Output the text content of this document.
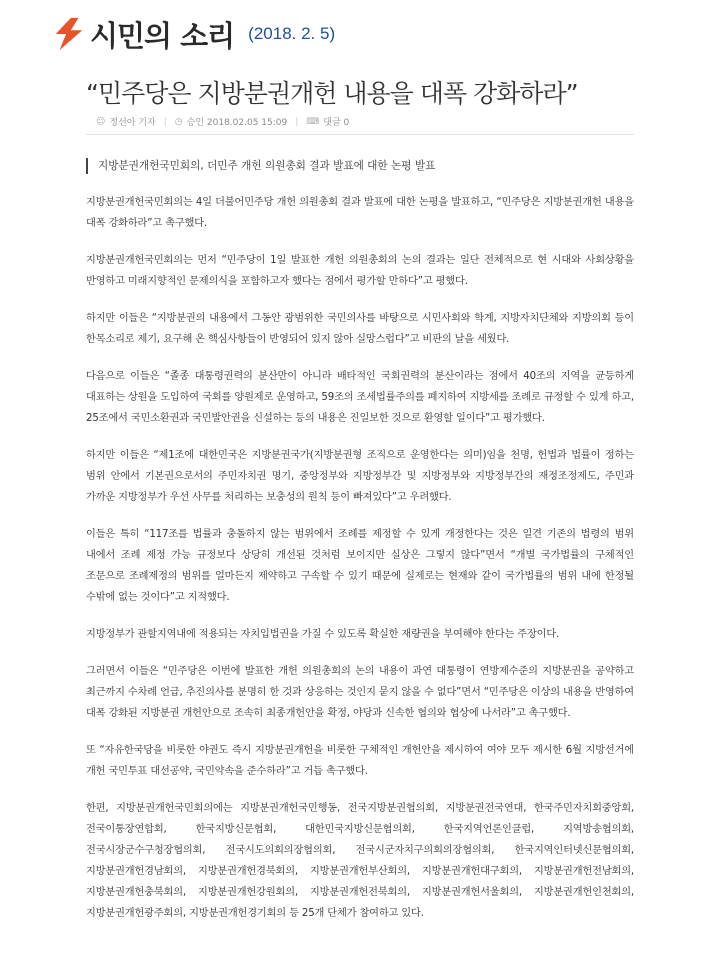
시민의 소리 (2018. 2. 5)
“민주당은 지방분권개헌 내용을 대폭 강화하라”
☺ 정선아 기자 | ◷ 승인 2018.02.05 15:09 | ⌨ 댓글 0
지방분권개헌국민회의, 더민주 개헌 의원총회 결과 발표에 대한 논평 발표

지방분권개헌국민회의는 4일 더불어민주당 개헌 의원총회 결과 발표에 대한 논평을 발표하고, “민주당은 지방분권개헌 내용을 대폭 강화하라”고 촉구했다.

지방분권개헌국민회의는 먼저 “민주당이 1일 발표한 개헌 의원총회의 논의 결과는 일단 전체적으로 현 시대와 사회상황을 반영하고 미래지향적인 문제의식을 포함하고자 했다는 점에서 평가할 만하다”고 평했다.

하지만 이들은 “지방분권의 내용에서 그동안 광범위한 국민의사를 바탕으로 시민사회와 학계, 지방자치단체와 지방의회 등이 한목소리로 제기, 요구해 온 핵심사항들이 반영되어 있지 않아 실망스럽다”고 비판의 날을 세웠다.

다음으로 이들은 “졸종 대통령권력의 분산만이 아니라 배타적인 국회권력의 분산이라는 점에서 40조의 지역을 균등하게 대표하는 상원을 도입하여 국회를 양원제로 운영하고, 59조의 조세법률주의를 폐지하여 지방세를 조례로 규정할 수 있게 하고, 25조에서 국민소환권과 국민발안권을 신설하는 등의 내용은 진일보한 것으로 환영할 일이다”고 평가했다.

하지만 이들은 “제1조에 대한민국은 지방분권국가(지방분권형 조직으로 운영한다는 의미)임을 천명, 헌법과 법률이 정하는 범위 안에서 기본권으로서의 주민자치권 명기, 중앙정부와 지방정부간 및 지방정부와 지방정부간의 재정조정제도, 주민과 가까운 지방정부가 우선 사무를 처리하는 보충성의 원칙 등이 빠져있다”고 우려했다.

이들은 특히 “117조를 법률과 충돌하지 않는 범위에서 조례를 제정할 수 있게 개정한다는 것은 일견 기존의 법령의 범위 내에서 조례 제정 가능 규정보다 상당히 개선된 것처럼 보이지만 실상은 그렇지 않다”면서 “개별 국가법률의 구체적인 조문으로 조례제정의 범위를 얼마든지 제약하고 구속할 수 있기 때문에 실제로는 현재와 같이 국가법률의 범위 내에 한정될 수밖에 없는 것이다”고 지적했다.

지방정부가 관할지역내에 적용되는 자치입법권을 가질 수 있도록 확실한 재량권을 부여해야 한다는 주장이다.

그러면서 이들은 “민주당은 이번에 발표한 개헌 의원총회의 논의 내용이 과연 대통령이 연방제수준의 지방분권을 공약하고 최근까지 수차례 언급, 추진의사를 분명히 한 것과 상응하는 것인지 묻지 않을 수 없다”면서 “민주당은 이상의 내용을 반영하여 대폭 강화된 지방분권 개헌안으로 조속히 최종개헌안을 확정, 야당과 신속한 협의와 협상에 나서라”고 촉구했다.

또 “자유한국당을 비롯한 야권도 즉시 지방분권개헌을 비롯한 구체적인 개헌안을 제시하여 여야 모두 제시한 6월 지방선거에 개헌 국민투표 대선공약, 국민약속을 준수하라”고 거듭 촉구했다.

한편, 지방분권개헌국민회의에는 지방분권개헌국민행동, 전국지방분권협의회, 지방분권전국연대, 한국주민자치회중앙회, 전국이통장연합회, 한국지방신문협회, 대한민국지방신문협의회, 한국지역언론인클럽, 지역방송협의회, 전국시장군수구청장협의회, 전국시도의회의장협의회, 전국시군자치구의회의장협의회, 한국지역인터넷신문협의회, 지방분권개헌경남회의, 지방분권개헌경북회의, 지방분권개헌부산회의, 지방분권개헌대구회의, 지방분권개헌전남회의, 지방분권개헌충북회의, 지방분권개헌강원회의, 지방분권개헌전북회의, 지방분권개헌서울회의, 지방분권개헌인천회의, 지방분권개헌광주회의, 지방분권개헌경기회의 등 25개 단체가 참여하고 있다.
